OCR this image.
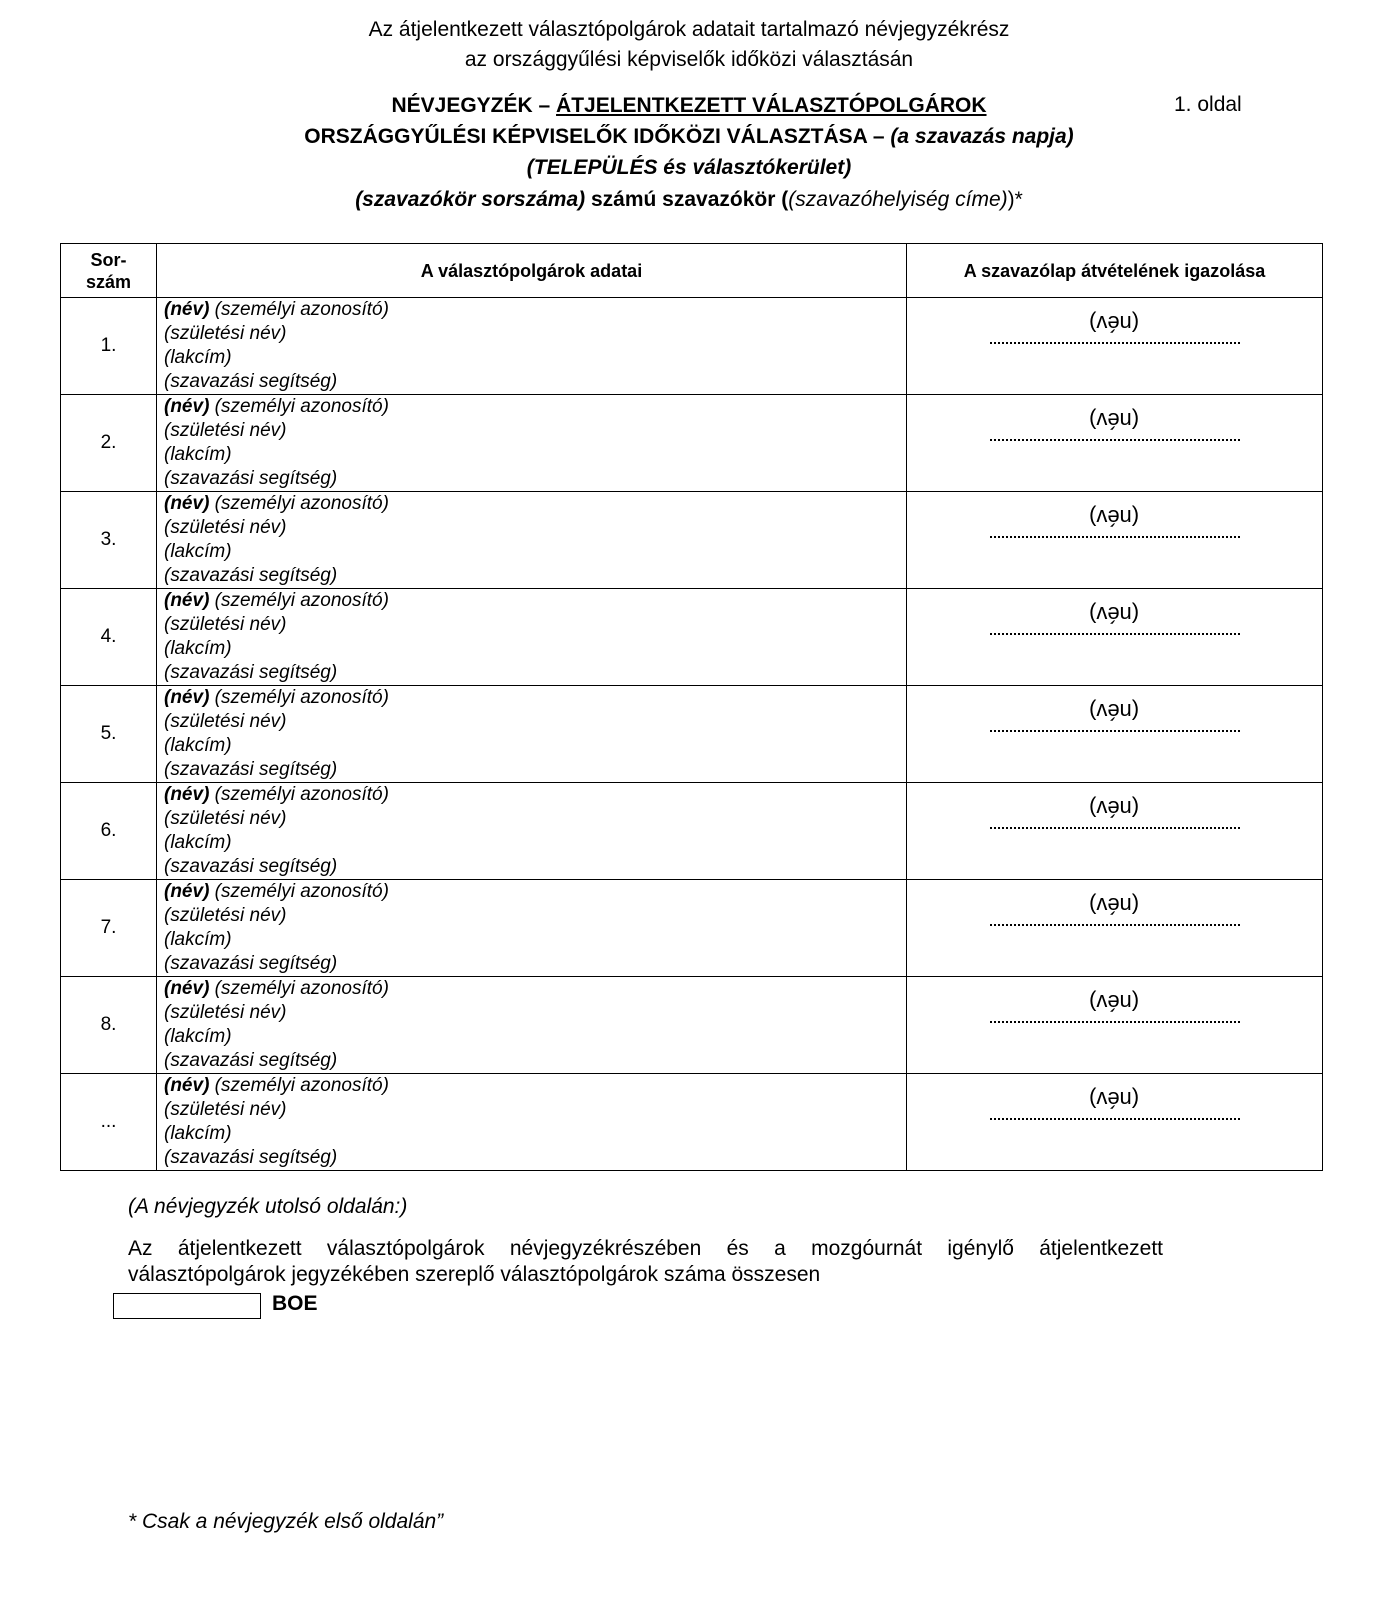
Az átjelentkezett választópolgárok adatait tartalmazó névjegyzékrész
az országgyűlési képviselők időközi választásán
NÉVJEGYZÉK – ÁTJELENTKEZETT VÁLASZTÓPOLGÁROK	1. oldal
ORSZÁGGYŰLÉSI KÉPVISELŐK IDŐKÖZI VÁLASZTÁSA – (a szavazás napja)
(TELEPÜLÉS és választókerület)
(szavazókör sorszáma) számú szavazókör ((szavazóhelyiség címe))*
Sor-
szám	A választópolgárok adatai	A szavazólap átvételének igazolása
1.	(név) (személyi azonosító)
(születési név)
(lakcím)
(szavazási segítség)	(név)

2.	(név) (személyi azonosító)
(születési név)
(lakcím)
(szavazási segítség)	(név)

3.	(név) (személyi azonosító)
(születési név)
(lakcím)
(szavazási segítség)	(név)

4.	(név) (személyi azonosító)
(születési név)
(lakcím)
(szavazási segítség)	(név)

5.	(név) (személyi azonosító)
(születési név)
(lakcím)
(szavazási segítség)	(név)

6.	(név) (személyi azonosító)
(születési név)
(lakcím)
(szavazási segítség)	(név)

7.	(név) (személyi azonosító)
(születési név)
(lakcím)
(szavazási segítség)	(név)

8.	(név) (személyi azonosító)
(születési név)
(lakcím)
(szavazási segítség)	(név)

...	(név) (személyi azonosító)
(születési név)
(lakcím)
(szavazási segítség)	(név)
(A névjegyzék utolsó oldalán:)
Az átjelentkezett választópolgárok névjegyzékrészében és a mozgóurnát igénylő átjelentkezett választópolgárok jegyzékében szereplő választópolgárok száma összesen
BOE
* Csak a névjegyzék első oldalán”
